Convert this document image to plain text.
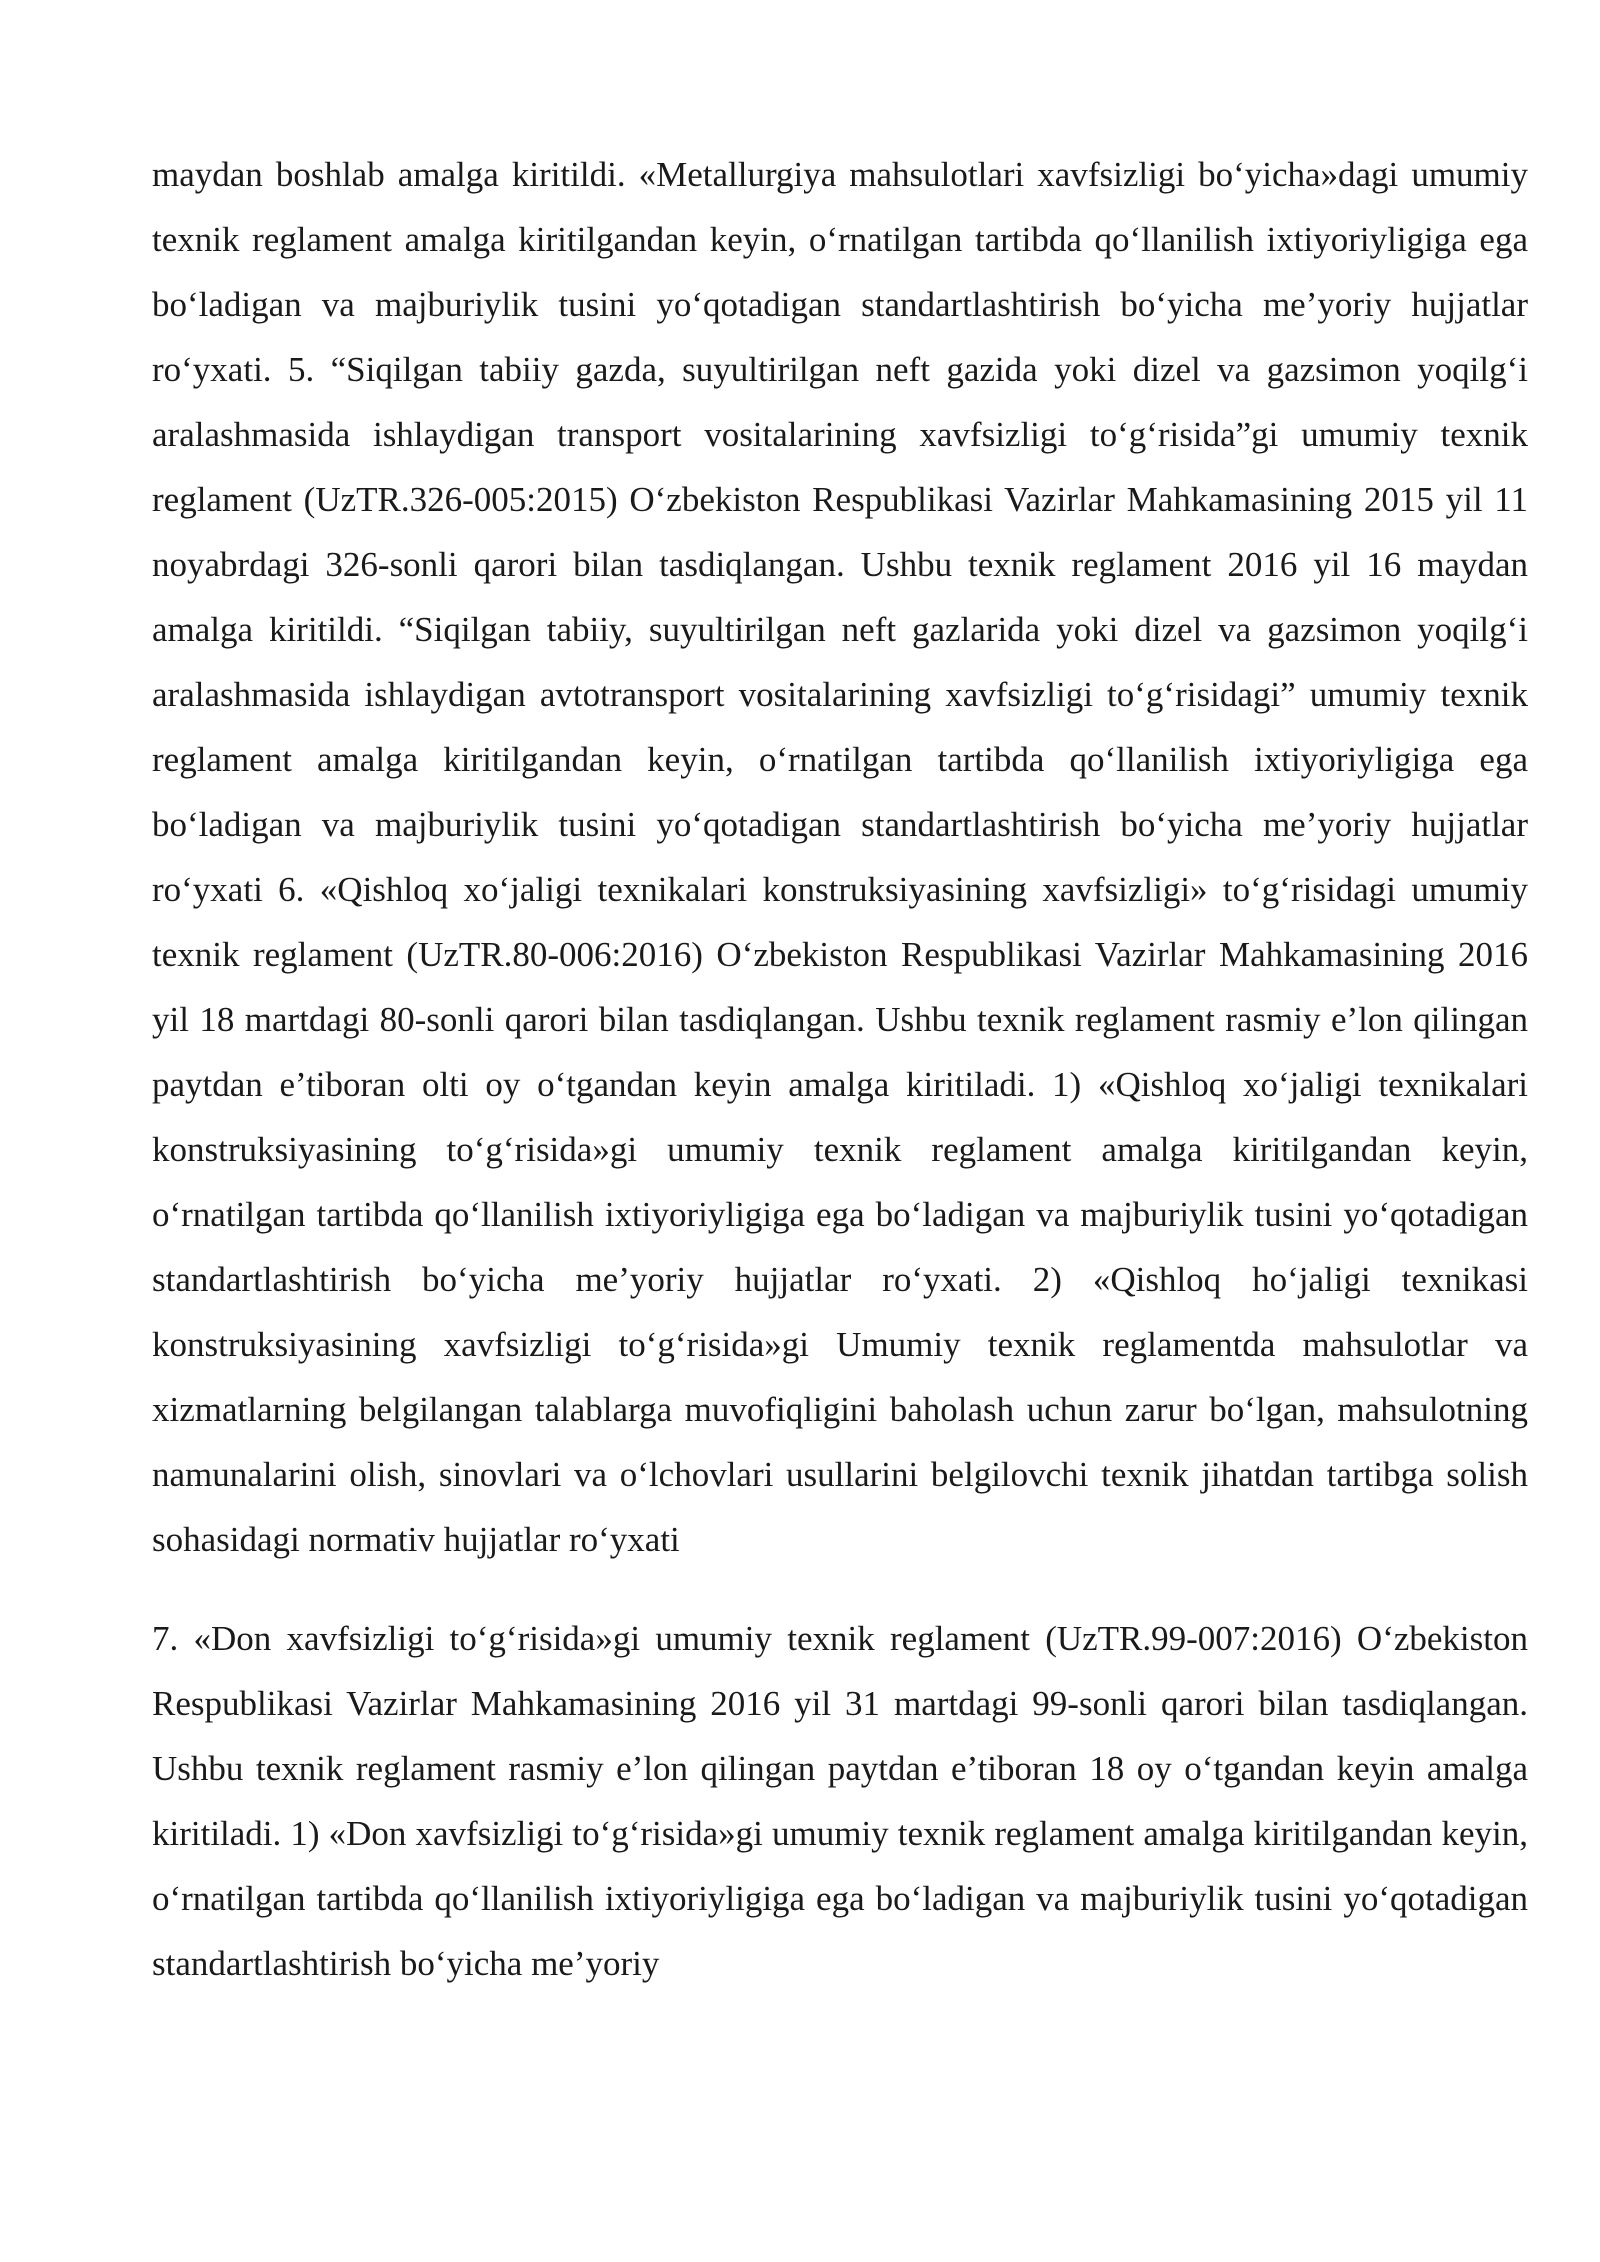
maydan boshlab amalga kiritildi. «Metallurgiya mahsulotlari xavfsizligi bo‘yicha»dagi umumiy texnik reglament amalga kiritilgandan keyin, o‘rnatilgan tartibda qo‘llanilish ixtiyoriyligiga ega bo‘ladigan va majburiylik tusini yo‘qotadigan standartlashtirish bo‘yicha me’yoriy hujjatlar ro‘yxati. 5. “Siqilgan tabiiy gazda, suyultirilgan neft gazida yoki dizel va gazsimon yoqilg‘i aralashmasida ishlaydigan transport vositalarining xavfsizligi to‘g‘risida”gi umumiy texnik reglament (UzTR.326-005:2015) O‘zbekiston Respublikasi Vazirlar Mahkamasining 2015 yil 11 noyabrdagi 326-sonli qarori bilan tasdiqlangan. Ushbu texnik reglament 2016 yil 16 maydan amalga kiritildi. “Siqilgan tabiiy, suyultirilgan neft gazlarida yoki dizel va gazsimon yoqilg‘i aralashmasida ishlaydigan avtotransport vositalarining xavfsizligi to‘g‘risidagi” umumiy texnik reglament amalga kiritilgandan keyin, o‘rnatilgan tartibda qo‘llanilish ixtiyoriyligiga ega bo‘ladigan va majburiylik tusini yo‘qotadigan standartlashtirish bo‘yicha me’yoriy hujjatlar ro‘yxati 6. «Qishloq xo‘jaligi texnikalari konstruksiyasining xavfsizligi» to‘g‘risidagi umumiy texnik reglament (UzTR.80-006:2016) O‘zbekiston Respublikasi Vazirlar Mahkamasining 2016 yil 18 martdagi 80-sonli qarori bilan tasdiqlangan. Ushbu texnik reglament rasmiy e’lon qilingan paytdan e’tiboran olti oy o‘tgandan keyin amalga kiritiladi. 1) «Qishloq xo‘jaligi texnikalari konstruksiyasining to‘g‘risida»gi umumiy texnik reglament amalga kiritilgandan keyin, o‘rnatilgan tartibda qo‘llanilish ixtiyoriyligiga ega bo‘ladigan va majburiylik tusini yo‘qotadigan standartlashtirish bo‘yicha me’yoriy hujjatlar ro‘yxati. 2) «Qishloq ho‘jaligi texnikasi konstruksiyasining xavfsizligi to‘g‘risida»gi Umumiy texnik reglamentda mahsulotlar va xizmatlarning belgilangan talablarga muvofiqligini baholash uchun zarur bo‘lgan, mahsulotning namunalarini olish, sinovlari va o‘lchovlari usullarini belgilovchi texnik jihatdan tartibga solish sohasidagi normativ hujjatlar ro‘yxati

7. «Don xavfsizligi to‘g‘risida»gi umumiy texnik reglament (UzTR.99-007:2016) O‘zbekiston Respublikasi Vazirlar Mahkamasining 2016 yil 31 martdagi 99-sonli qarori bilan tasdiqlangan. Ushbu texnik reglament rasmiy e’lon qilingan paytdan e’tiboran 18 oy o‘tgandan keyin amalga kiritiladi. 1) «Don xavfsizligi to‘g‘risida»gi umumiy texnik reglament amalga kiritilgandan keyin, o‘rnatilgan tartibda qo‘llanilish ixtiyoriyligiga ega bo‘ladigan va majburiylik tusini yo‘qotadigan standartlashtirish bo‘yicha me’yoriy
